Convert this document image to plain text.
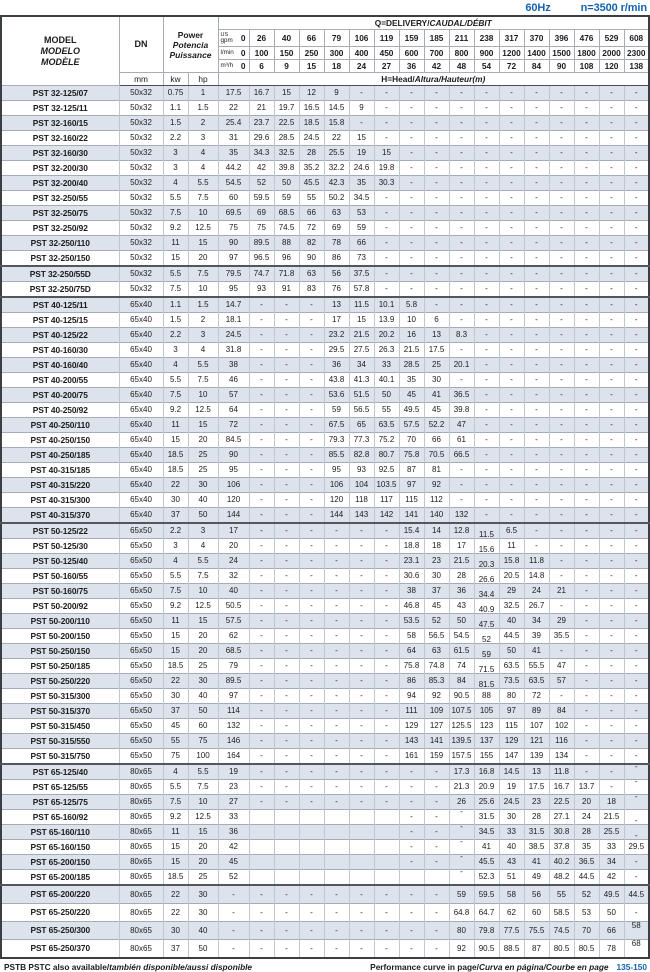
60Hz	n=3500 r/min
MODEL
MODELO
MODÈLE
	DN	
Power
Potencia
Puissance
	Q=DELIVERY/CAUDAL/DÉBIT

				US
gpm 0	26	40	66	79	106	119	159	185	211	238	317	370	396	476	529	608

				l/min 0	100	150	250	300	400	450	600	700	800	900	1200	1400	1500	1800	2000	2300

				m³/h 0	6	9	15	18	24	27	36	42	48	54	72	84	90	108	120	138
	mm	kw	hp	H=Head/Altura/Hauteur(m)																
PST 32-125/07	50x32	0.75	1	17.5	16.7	15	12	9	-	-	-	-	-	-	-	-	-	-	-	-
PST 32-125/11	50x32	1.1	1.5	22	21	19.7	16.5	14.5	9	-	-	-	-	-	-	-	-	-	-	-
PST 32-160/15	50x32	1.5	2	25.4	23.7	22.5	18.5	15.8	-	-	-	-	-	-	-	-	-	-	-	-
PST 32-160/22	50x32	2.2	3	31	29.6	28.5	24.5	22	15	-	-	-	-	-	-	-	-	-	-	-
PST 32-160/30	50x32	3	4	35	34.3	32.5	28	25.5	19	15	-	-	-	-	-	-	-	-	-	-
PST 32-200/30	50x32	3	4	44.2	42	39.8	35.2	32.2	24.6	19.8	-	-	-	-	-	-	-	-	-	-
PST 32-200/40	50x32	4	5.5	54.5	52	50	45.5	42.3	35	30.3	-	-	-	-	-	-	-	-	-	-
PST 32-250/55	50x32	5.5	7.5	60	59.5	59	55	50.2	34.5	-	-	-	-	-	-	-	-	-	-	-
PST 32-250/75	50x32	7.5	10	69.5	69	68.5	66	63	53	-	-	-	-	-	-	-	-	-	-	-
PST 32-250/92	50x32	9.2	12.5	75	75	74.5	72	69	59	-	-	-	-	-	-	-	-	-	-	-
PST 32-250/110	50x32	11	15	90	89.5	88	82	78	66	-	-	-	-	-	-	-	-	-	-	-
PST 32-250/150	50x32	15	20	97	96.5	96	90	86	73	-	-	-	-	-	-	-	-	-	-	-
PST 32-250/55D	50x32	5.5	7.5	79.5	74.7	71.8	63	56	37.5	-	-	-	-	-	-	-	-	-	-	-
PST 32-250/75D	50x32	7.5	10	95	93	91	83	76	57.8	-	-	-	-	-	-	-	-	-	-	-
PST 40-125/11	65x40	1.1	1.5	14.7	-	-	-	13	11.5	10.1	5.8	-	-	-	-	-	-	-	-	-
PST 40-125/15	65x40	1.5	2	18.1	-	-	-	17	15	13.9	10	6	-	-	-	-	-	-	-	-
PST 40-125/22	65x40	2.2	3	24.5	-	-	-	23.2	21.5	20.2	16	13	8.3	-	-	-	-	-	-	-
PST 40-160/30	65x40	3	4	31.8	-	-	-	29.5	27.5	26.3	21.5	17.5	-	-	-	-	-	-	-	-
PST 40-160/40	65x40	4	5.5	38	-	-	-	36	34	33	28.5	25	20.1	-	-	-	-	-	-	-
PST 40-200/55	65x40	5.5	7.5	46	-	-	-	43.8	41.3	40.1	35	30	-	-	-	-	-	-	-	-
PST 40-200/75	65x40	7.5	10	57	-	-	-	53.6	51.5	50	45	41	36.5	-	-	-	-	-	-	-
PST 40-250/92	65x40	9.2	12.5	64	-	-	-	59	56.5	55	49.5	45	39.8	-	-	-	-	-	-	-
PST 40-250/110	65x40	11	15	72	-	-	-	67.5	65	63.5	57.5	52.2	47	-	-	-	-	-	-	-
PST 40-250/150	65x40	15	20	84.5	-	-	-	79.3	77.3	75.2	70	66	61	-	-	-	-	-	-	-
PST 40-250/185	65x40	18.5	25	90	-	-	-	85.5	82.8	80.7	75.8	70.5	66.5	-	-	-	-	-	-	-
PST 40-315/185	65x40	18.5	25	95	-	-	-	95	93	92.5	87	81	-	-	-	-	-	-	-	-
PST 40-315/220	65x40	22	30	106	-	-	-	106	104	103.5	97	92	-	-	-	-	-	-	-	-
PST 40-315/300	65x40	30	40	120	-	-	-	120	118	117	115	112	-	-	-	-	-	-	-	-
PST 40-315/370	65x40	37	50	144	-	-	-	144	143	142	141	140	132	-	-	-	-	-	-	-
PST 50-125/22	65x50	2.2	3	17	-	-	-	-	-	-	15.4	14	12.8	11.5	6.5	-	-	-	-	-
PST 50-125/30	65x50	3	4	20	-	-	-	-	-	-	18.8	18	17	15.6	11	-	-	-	-	-
PST 50-125/40	65x50	4	5.5	24	-	-	-	-	-	-	23.1	23	21.5	20.3	15.8	11.8	-	-	-	-
PST 50-160/55	65x50	5.5	7.5	32	-	-	-	-	-	-	30.6	30	28	26.6	20.5	14.8	-	-	-	-
PST 50-160/75	65x50	7.5	10	40	-	-	-	-	-	-	38	37	36	34.4	29	24	21	-	-	-
PST 50-200/92	65x50	9.2	12.5	50.5	-	-	-	-	-	-	46.8	45	43	40.9	32.5	26.7	-	-	-	-
PST 50-200/110	65x50	11	15	57.5	-	-	-	-	-	-	53.5	52	50	47.5	40	34	29	-	-	-
PST 50-200/150	65x50	15	20	62	-	-	-	-	-	-	58	56.5	54.5	52	44.5	39	35.5	-	-	-
PST 50-250/150	65x50	15	20	68.5	-	-	-	-	-	-	64	63	61.5	59	50	41	-	-	-	-
PST 50-250/185	65x50	18.5	25	79	-	-	-	-	-	-	75.8	74.8	74	71.5	63.5	55.5	47	-	-	-
PST 50-250/220	65x50	22	30	89.5	-	-	-	-	-	-	86	85.3	84	81.5	73.5	63.5	57	-	-	-
PST 50-315/300	65x50	30	40	97	-	-	-	-	-	-	94	92	90.5	88	80	72	-	-	-	-
PST 50-315/370	65x50	37	50	114	-	-	-	-	-	-	111	109	107.5	105	97	89	84	-	-	-
PST 50-315/450	65x50	45	60	132	-	-	-	-	-	-	129	127	125.5	123	115	107	102	-	-	-
PST 50-315/550	65x50	55	75	146	-	-	-	-	-	-	143	141	139.5	137	129	121	116	-	-	-
PST 50-315/750	65x50	75	100	164	-	-	-	-	-	-	161	159	157.5	155	147	139	134	-	-	-
PST 65-125/40	80x65	4	5.5	19	-	-	-	-	-	-	-	-	17.3	16.8	14.5	13	11.8	-	-	-
PST 65-125/55	80x65	5.5	7.5	23	-	-	-	-	-	-	-	-	21.3	20.9	19	17.5	16.7	13.7	-	-
PST 65-125/75	80x65	7.5	10	27	-	-	-	-	-	-	-	-	26	25.6	24.5	23	22.5	20	18	-
PST 65-160/92	80x65	9.2	12.5	33							-	-	-	31.5	30	28	27.1	24	21.5	-
PST 65-160/110	80x65	11	15	36							-	-	-	34.5	33	31.5	30.8	28	25.5	-
PST 65-160/150	80x65	15	20	42							-	-	-	41	40	38.5	37.8	35	33	29.5
PST 65-200/150	80x65	15	20	45							-	-	-	45.5	43	41	40.2	36.5	34	-
PST 65-200/185	80x65	18.5	25	52									-	52.3	51	49	48.2	44.5	42	-
PST 65-200/220	80x65	22	30	-	-	-	-	-	-	-	-	-	59	59.5	58	56	55	52	49.5	44.5
PST 65-250/220	80x65	22	30	-	-	-	-	-	-	-	-	-	64.8	64.7	62	60	58.5	53	50	-
PST 65-250/300	80x65	30	40	-	-	-	-	-	-	-	-	-	80	79.8	77.5	75.5	74.5	70	66	58
PST 65-250/370	80x65	37	50	-	-	-	-	-	-	-	-	-	92	90.5	88.5	87	80.5	80.5	78	68
PSTB PSTC also available/también disponible/aussi disponible	Performance curve in page/Curva en página/Courbe en page 135-150
